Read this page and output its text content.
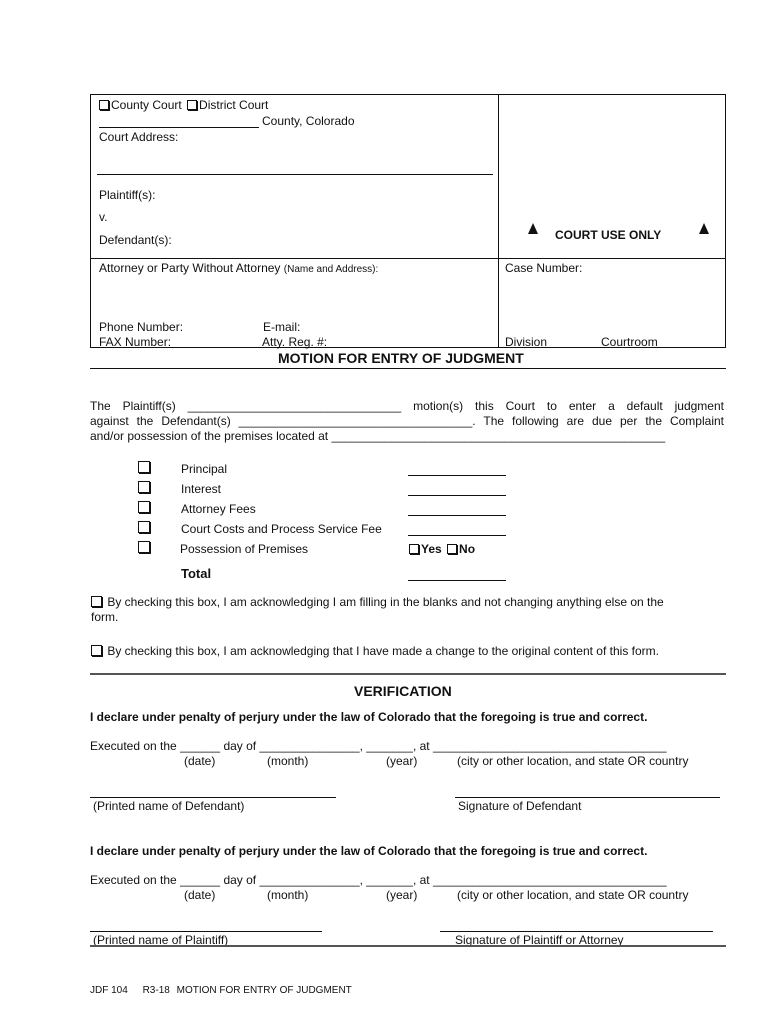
County Court District Court
County, Colorado
Court Address:
Plaintiff(s):
v.
Defendant(s):	COURT USE ONLY
Attorney or Party Without Attorney (Name and Address):	Case Number:
Phone Number:	E-mail:
FAX Number:	Atty. Reg. #:	Division	Courtroom
MOTION FOR ENTRY OF JUDGMENT
The Plaintiff(s) ________________________________ motion(s) this Court to enter a default judgment
against the Defendant(s) ___________________________________. The following are due per the Complaint
and/or possession of the premises located at __________________________________________________
Principal
Interest
Attorney Fees
Court Costs and Process Service Fee
Possession of Premises	Yes No
Total
By checking this box, I am acknowledging I am filling in the blanks and not changing anything else on the
form.
By checking this box, I am acknowledging that I have made a change to the original content of this form.
VERIFICATION
I declare under penalty of perjury under the law of Colorado that the foregoing is true and correct.
Executed on the ______ day of _______________, _______, at ___________________________________
(date)	(month)	(year)	(city or other location, and state OR country
(Printed name of Defendant)	Signature of Defendant
I declare under penalty of perjury under the law of Colorado that the foregoing is true and correct.
Executed on the ______ day of _______________, _______, at ___________________________________
(date)	(month)	(year)	(city or other location, and state OR country
(Printed name of Plaintiff)	Signature of Plaintiff or Attorney
JDF 104 R3-18 MOTION FOR ENTRY OF JUDGMENT
